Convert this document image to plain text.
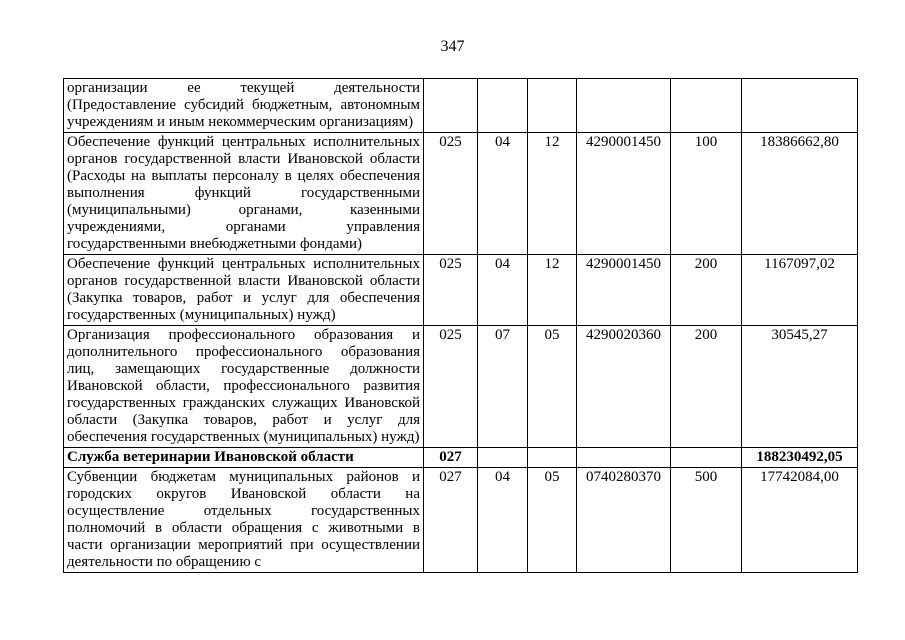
347
организации ее текущей деятельности (Предоставление субсидий бюджетным, автономным учреждениям и иным некоммерческим организациям)						
Обеспечение функций центральных исполнительных органов государственной власти Ивановской области (Расходы на выплаты персоналу в целях обеспечения выполнения функций государственными (муниципальными) органами, казенными учреждениями, органами управления государственными внебюджетными фондами)	025	04	12	4290001450	100	18386662,80
Обеспечение функций центральных исполнительных органов государственной власти Ивановской области (Закупка товаров, работ и услуг для обеспечения государственных (муниципальных) нужд)	025	04	12	4290001450	200	1167097,02
Организация профессионального образования и дополнительного профессионального образования лиц, замещающих государственные должности Ивановской области, профессионального развития государственных гражданских служащих Ивановской области (Закупка товаров, работ и услуг для обеспечения государственных (муниципальных) нужд)	025	07	05	4290020360	200	30545,27
Служба ветеринарии Ивановской области	027					188230492,05
Субвенции бюджетам муниципальных районов и городских округов Ивановской области на осуществление отдельных государственных полномочий в области обращения с животными в части организации мероприятий при осуществлении деятельности по обращению с	027	04	05	0740280370	500	17742084,00
